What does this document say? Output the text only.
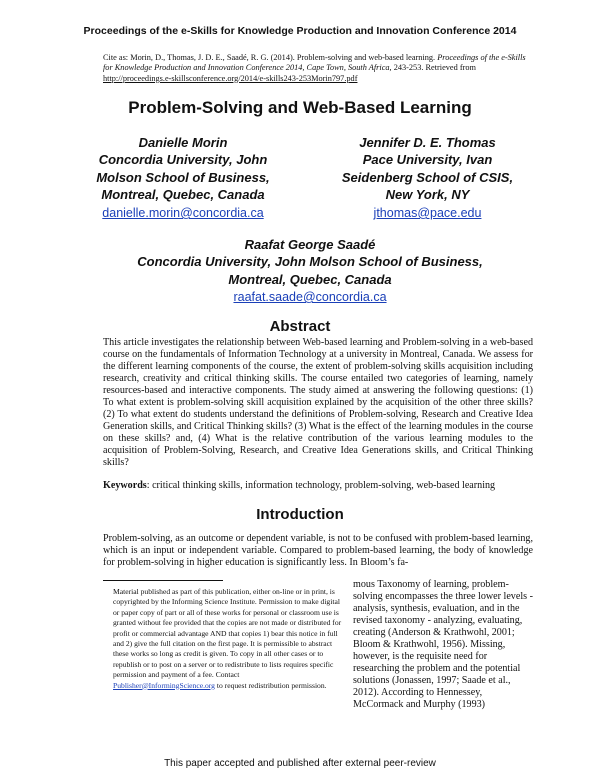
Proceedings of the e-Skills for Knowledge Production and Innovation Conference 2014
Cite as: Morin, D., Thomas, J. D. E., Saadé, R. G. (2014). Problem-solving and web-based learning. Proceedings of the e-Skills for Knowledge Production and Innovation Conference 2014, Cape Town, South Africa, 243-253. Retrieved from http://proceedings.e-skillsconference.org/2014/e-skills243-253Morin797.pdf
Problem-Solving and Web-Based Learning
Danielle Morin
Concordia University, John
Molson School of Business,
Montreal, Quebec, Canada
danielle.morin@concordia.ca
Jennifer D. E. Thomas
Pace University, Ivan
Seidenberg School of CSIS,
New York, NY
jthomas@pace.edu
Raafat George Saadé
Concordia University, John Molson School of Business,
Montreal, Quebec, Canada
raafat.saade@concordia.ca
Abstract
This article investigates the relationship between Web-based learning and Problem-solving in a web-based course on the fundamentals of Information Technology at a university in Montreal, Canada. We assess for the different learning components of the course, the extent of problem-solving skills acquisition including research, creativity and critical thinking skills. The course entailed two categories of learning, namely resources-based and interactive components. The study aimed at answering the following questions: (1) To what extent is problem-solving skill acquisition explained by the acquisition of the other three skills? (2) To what extent do students understand the definitions of Problem-solving, Research and Creative Idea Generation skills, and Critical Thinking skills? (3) What is the effect of the learning modules in the course on these skills? and, (4) What is the relative contribution of the various learning modules to the acquisition of Problem-Solving, Research, and Creative Idea Generations skills, and Critical Thinking skills?
Keywords: critical thinking skills, information technology, problem-solving, web-based learning
Introduction
Problem-solving, as an outcome or dependent variable, is not to be confused with problem-based learning, which is an input or independent variable. Compared to problem-based learning, the body of knowledge for problem-solving in higher education is significantly less. In Bloom’s fa-
mous Taxonomy of learning, problem-solving encompasses the three lower levels - analysis, synthesis, evaluation, and in the revised taxonomy - analyzing, evaluating, creating (Anderson & Krathwohl, 2001; Bloom & Krathwohl, 1956). Missing, however, is the requisite need for researching the problem and the potential solutions (Jonassen, 1997; Saade et al., 2012). According to Hennessey, McCormack and Murphy (1993)
Material published as part of this publication, either on-line or in print, is copyrighted by the Informing Science Institute. Permission to make digital or paper copy of part or all of these works for personal or classroom use is granted without fee provided that the copies are not made or distributed for profit or commercial advantage AND that copies 1) bear this notice in full and 2) give the full citation on the first page. It is permissible to abstract these works so long as credit is given. To copy in all other cases or to republish or to post on a server or to redistribute to lists requires specific permission and payment of a fee. Contact Publisher@InformingScience.org to request redistribution permission.
This paper accepted and published after external peer-review
